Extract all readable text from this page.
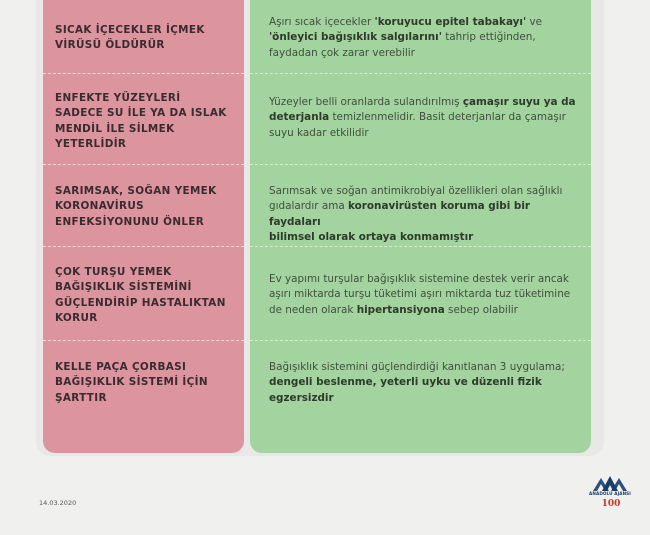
SICAK İÇECEKLER İÇMEK
VİRÜSÜ ÖLDÜRÜR
Aşırı sıcak içecekler 'koruyucu epitel tabakayı' ve
'önleyici bağışıklık salgılarını' tahrip ettiğinden,
faydadan çok zarar verebilir
ENFEKTE YÜZEYLERİ
SADECE SU İLE YA DA ISLAK
MENDİL İLE SİLMEK
YETERLİDİR
Yüzeyler belli oranlarda sulandırılmış çamaşır suyu ya da
deterjanla temizlenmelidir. Basit deterjanlar da çamaşır
suyu kadar etkilidir
SARIMSAK, SOĞAN YEMEK
KORONAVİRUS
ENFEKSİYONUNU ÖNLER
Sarımsak ve soğan antimikrobiyal özellikleri olan sağlıklı
gıdalardır ama koronavirüsten koruma gibi bir faydaları
bilimsel olarak ortaya konmamıştır
ÇOK TURŞU YEMEK
BAĞIŞIKLIK SİSTEMİNİ
GÜÇLENDİRİP HASTALIKTAN
KORUR
Ev yapımı turşular bağışıklık sistemine destek verir ancak
aşırı miktarda turşu tüketimi aşırı miktarda tuz tüketimine
de neden olarak hipertansiyona sebep olabilir
KELLE PAÇA ÇORBASI
BAĞIŞIKLIK SİSTEMİ İÇİN
ŞARTTIR
Bağışıklık sistemini güçlendirdiği kanıtlanan 3 uygulama;
dengeli beslenme, yeterli uyku ve düzenli fizik egzersizdir
14.03.2020
ANADOLU AJANSI
100
